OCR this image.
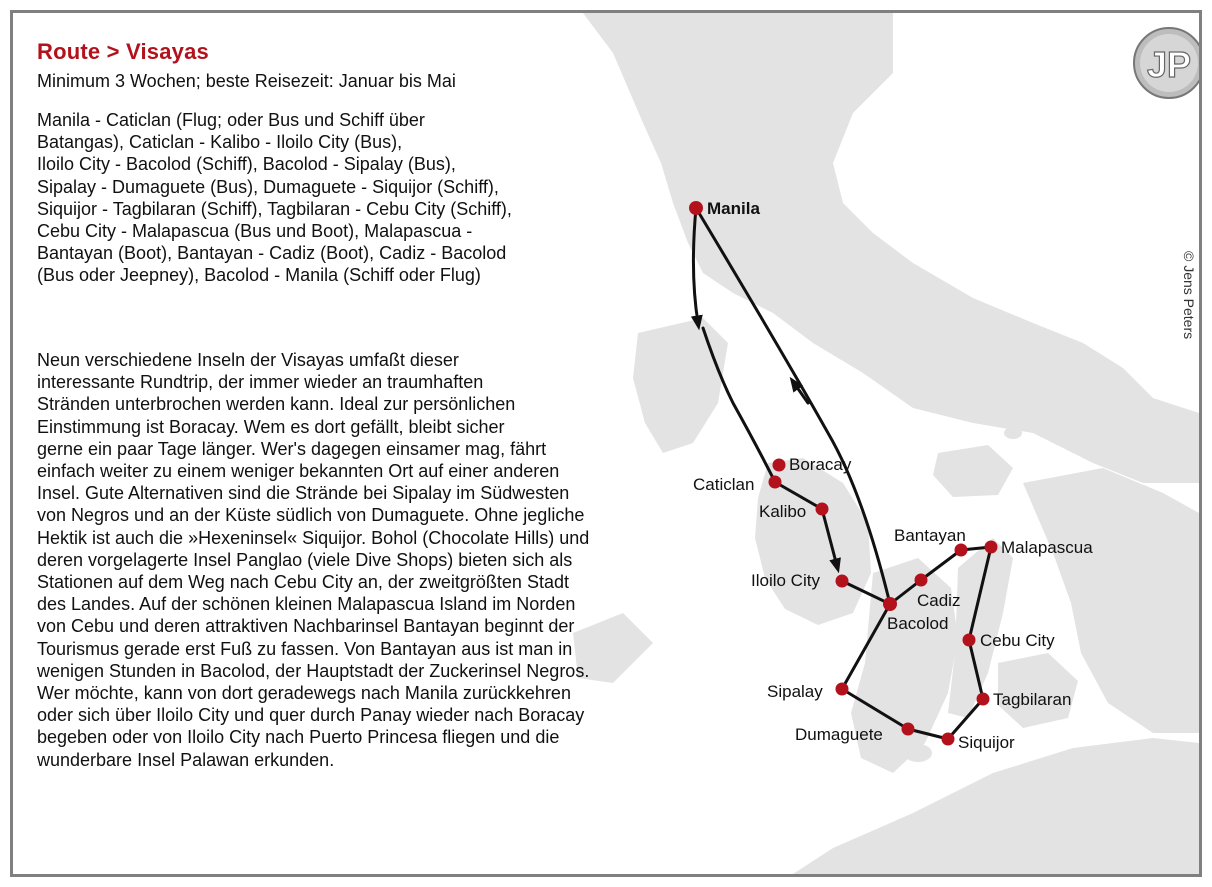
Manila
Boracay
Caticlan
Kalibo
Iloilo City
Bacolod
Cadiz
Bantayan
Malapascua
Cebu City
Tagbilaran
Siquijor
Dumaguete
Sipalay
Route > Visayas
Minimum 3 Wochen; beste Reisezeit: Januar bis Mai

Manila - Caticlan (Flug; oder Bus und Schiff über
Batangas), Caticlan - Kalibo - Iloilo City (Bus),
Iloilo City - Bacolod (Schiff), Bacolod - Sipalay (Bus),
Sipalay - Dumaguete (Bus), Dumaguete - Siquijor (Schiff),
Siquijor - Tagbilaran (Schiff), Tagbilaran - Cebu City (Schiff),
Cebu City - Malapascua (Bus und Boot), Malapascua -
Bantayan (Boot), Bantayan - Cadiz (Boot), Cadiz - Bacolod
(Bus oder Jeepney), Bacolod - Manila (Schiff oder Flug)

Neun verschiedene Inseln der Visayas umfaßt dieser
interessante Rundtrip, der immer wieder an traumhaften
Stränden unterbrochen werden kann. Ideal zur persönlichen
Einstimmung ist Boracay. Wem es dort gefällt, bleibt sicher
gerne ein paar Tage länger. Wer's dagegen einsamer mag, fährt
einfach weiter zu einem weniger bekannten Ort auf einer anderen
Insel. Gute Alternativen sind die Strände bei Sipalay im Südwesten
von Negros und an der Küste südlich von Dumaguete. Ohne jegliche
Hektik ist auch die »Hexeninsel« Siquijor. Bohol (Chocolate Hills) und
deren vorgelagerte Insel Panglao (viele Dive Shops) bieten sich als
Stationen auf dem Weg nach Cebu City an, der zweitgrößten Stadt
des Landes. Auf der schönen kleinen Malapascua Island im Norden
von Cebu und deren attraktiven Nachbarinsel Bantayan beginnt der
Tourismus gerade erst Fuß zu fassen. Von Bantayan aus ist man in
wenigen Stunden in Bacolod, der Hauptstadt der Zuckerinsel Negros.
Wer möchte, kann von dort geradewegs nach Manila zurückkehren
oder sich über Iloilo City und quer durch Panay wieder nach Boracay
begeben oder von Iloilo City nach Puerto Princesa fliegen und die
wunderbare Insel Palawan erkunden.

JP
© Jens Peters
